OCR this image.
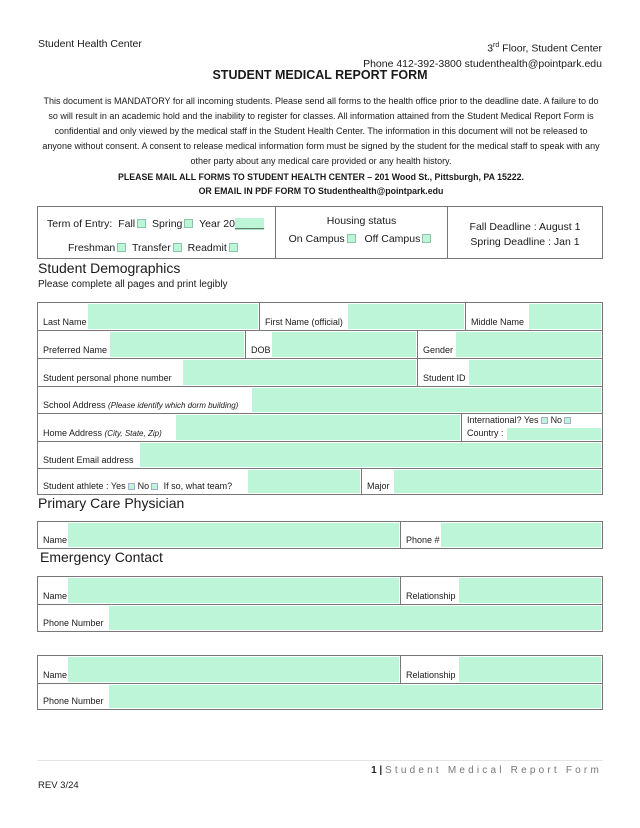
Student Health Center	3rd Floor, Student Center
Phone 412-392-3800 studenthealth@pointpark.edu
STUDENT MEDICAL REPORT FORM
This document is MANDATORY for all incoming students. Please send all forms to the health office prior to the deadline date. A failure to do so will result in an academic hold and the inability to register for classes. All information attained from the Student Medical Report Form is confidential and only viewed by the medical staff in the Student Health Center. The information in this document will not be released to anyone without consent. A consent to release medical information form must be signed by the student for the medical staff to speak with any other party about any medical care provided or any health history.
PLEASE MAIL ALL FORMS TO STUDENT HEALTH CENTER – 201 Wood St., Pittsburgh, PA 15222.
OR EMAIL IN PDF FORM TO Studenthealth@pointpark.edu
Term of Entry: Fall Spring Year 20_____
Freshman Transfer Readmit
Housing status
On Campus Off Campus
Fall Deadline : August 1
Spring Deadline : Jan 1
Student Demographics
Please complete all pages and print legibly
Last Name	First Name (official)	Middle Name
Preferred Name	DOB	Gender
Student personal phone number	Student ID
School Address (Please identify which dorm building)
Home Address (City, State, Zip)
International? Yes No
Country :
Student Email address
Student athlete : Yes No If so, what team?	Major
Primary Care Physician
Name	Phone #
Emergency Contact
Name	Relationship
Phone Number
Name	Relationship
Phone Number
1 | Student Medical Report Form
REV 3/24
